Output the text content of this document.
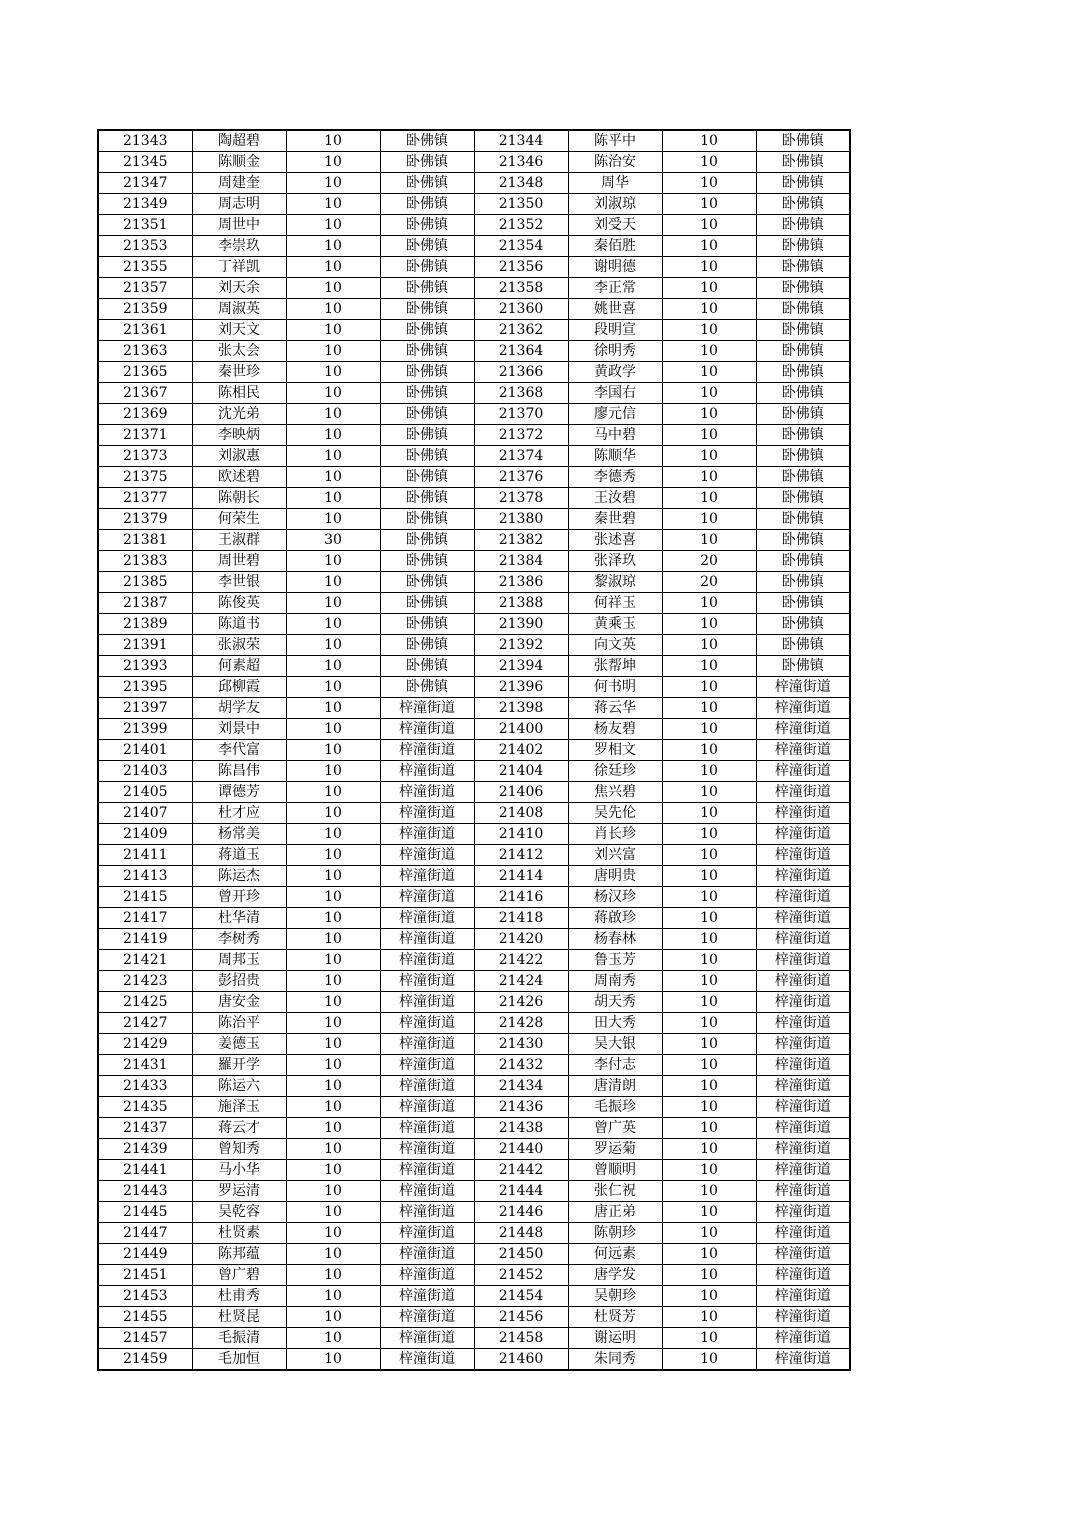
21343	陶超碧	10	卧佛镇	21344	陈平中	10	卧佛镇
21345	陈顺金	10	卧佛镇	21346	陈治安	10	卧佛镇
21347	周建奎	10	卧佛镇	21348	周华	10	卧佛镇
21349	周志明	10	卧佛镇	21350	刘淑琼	10	卧佛镇
21351	周世中	10	卧佛镇	21352	刘受天	10	卧佛镇
21353	李崇玖	10	卧佛镇	21354	秦佰胜	10	卧佛镇
21355	丁祥凯	10	卧佛镇	21356	谢明德	10	卧佛镇
21357	刘天余	10	卧佛镇	21358	李正常	10	卧佛镇
21359	周淑英	10	卧佛镇	21360	姚世喜	10	卧佛镇
21361	刘天文	10	卧佛镇	21362	段明宣	10	卧佛镇
21363	张太会	10	卧佛镇	21364	徐明秀	10	卧佛镇
21365	秦世珍	10	卧佛镇	21366	黄政学	10	卧佛镇
21367	陈相民	10	卧佛镇	21368	李国右	10	卧佛镇
21369	沈光弟	10	卧佛镇	21370	廖元信	10	卧佛镇
21371	李映炳	10	卧佛镇	21372	马中碧	10	卧佛镇
21373	刘淑惠	10	卧佛镇	21374	陈顺华	10	卧佛镇
21375	欧述碧	10	卧佛镇	21376	李德秀	10	卧佛镇
21377	陈朝长	10	卧佛镇	21378	王汝碧	10	卧佛镇
21379	何荣生	10	卧佛镇	21380	秦世碧	10	卧佛镇
21381	王淑群	30	卧佛镇	21382	张述喜	10	卧佛镇
21383	周世碧	10	卧佛镇	21384	张泽玖	20	卧佛镇
21385	李世银	10	卧佛镇	21386	黎淑琼	20	卧佛镇
21387	陈俊英	10	卧佛镇	21388	何祥玉	10	卧佛镇
21389	陈道书	10	卧佛镇	21390	黄乘玉	10	卧佛镇
21391	张淑荣	10	卧佛镇	21392	向文英	10	卧佛镇
21393	何素超	10	卧佛镇	21394	张帮坤	10	卧佛镇
21395	邱柳霞	10	卧佛镇	21396	何书明	10	梓潼街道
21397	胡学友	10	梓潼街道	21398	蒋云华	10	梓潼街道
21399	刘景中	10	梓潼街道	21400	杨友碧	10	梓潼街道
21401	李代富	10	梓潼街道	21402	罗相文	10	梓潼街道
21403	陈昌伟	10	梓潼街道	21404	徐廷珍	10	梓潼街道
21405	谭德芳	10	梓潼街道	21406	焦兴碧	10	梓潼街道
21407	杜才应	10	梓潼街道	21408	吴先伦	10	梓潼街道
21409	杨常美	10	梓潼街道	21410	肖长珍	10	梓潼街道
21411	蒋道玉	10	梓潼街道	21412	刘兴富	10	梓潼街道
21413	陈运杰	10	梓潼街道	21414	唐明贵	10	梓潼街道
21415	曾开珍	10	梓潼街道	21416	杨汉珍	10	梓潼街道
21417	杜华清	10	梓潼街道	21418	蒋啟珍	10	梓潼街道
21419	李树秀	10	梓潼街道	21420	杨春林	10	梓潼街道
21421	周邦玉	10	梓潼街道	21422	鲁玉芳	10	梓潼街道
21423	彭招贵	10	梓潼街道	21424	周南秀	10	梓潼街道
21425	唐安金	10	梓潼街道	21426	胡天秀	10	梓潼街道
21427	陈治平	10	梓潼街道	21428	田大秀	10	梓潼街道
21429	姜德玉	10	梓潼街道	21430	吴大银	10	梓潼街道
21431	羅开学	10	梓潼街道	21432	李付志	10	梓潼街道
21433	陈运六	10	梓潼街道	21434	唐清朗	10	梓潼街道
21435	施泽玉	10	梓潼街道	21436	毛振珍	10	梓潼街道
21437	蒋云才	10	梓潼街道	21438	曾广英	10	梓潼街道
21439	曾知秀	10	梓潼街道	21440	罗运菊	10	梓潼街道
21441	马小华	10	梓潼街道	21442	曾顺明	10	梓潼街道
21443	罗运清	10	梓潼街道	21444	张仁祝	10	梓潼街道
21445	吴乾容	10	梓潼街道	21446	唐正弟	10	梓潼街道
21447	杜贤素	10	梓潼街道	21448	陈朝珍	10	梓潼街道
21449	陈邦蕴	10	梓潼街道	21450	何远素	10	梓潼街道
21451	曾广碧	10	梓潼街道	21452	唐学发	10	梓潼街道
21453	杜甫秀	10	梓潼街道	21454	吴朝珍	10	梓潼街道
21455	杜贤昆	10	梓潼街道	21456	杜贤芳	10	梓潼街道
21457	毛振清	10	梓潼街道	21458	谢运明	10	梓潼街道
21459	毛加恒	10	梓潼街道	21460	朱同秀	10	梓潼街道
